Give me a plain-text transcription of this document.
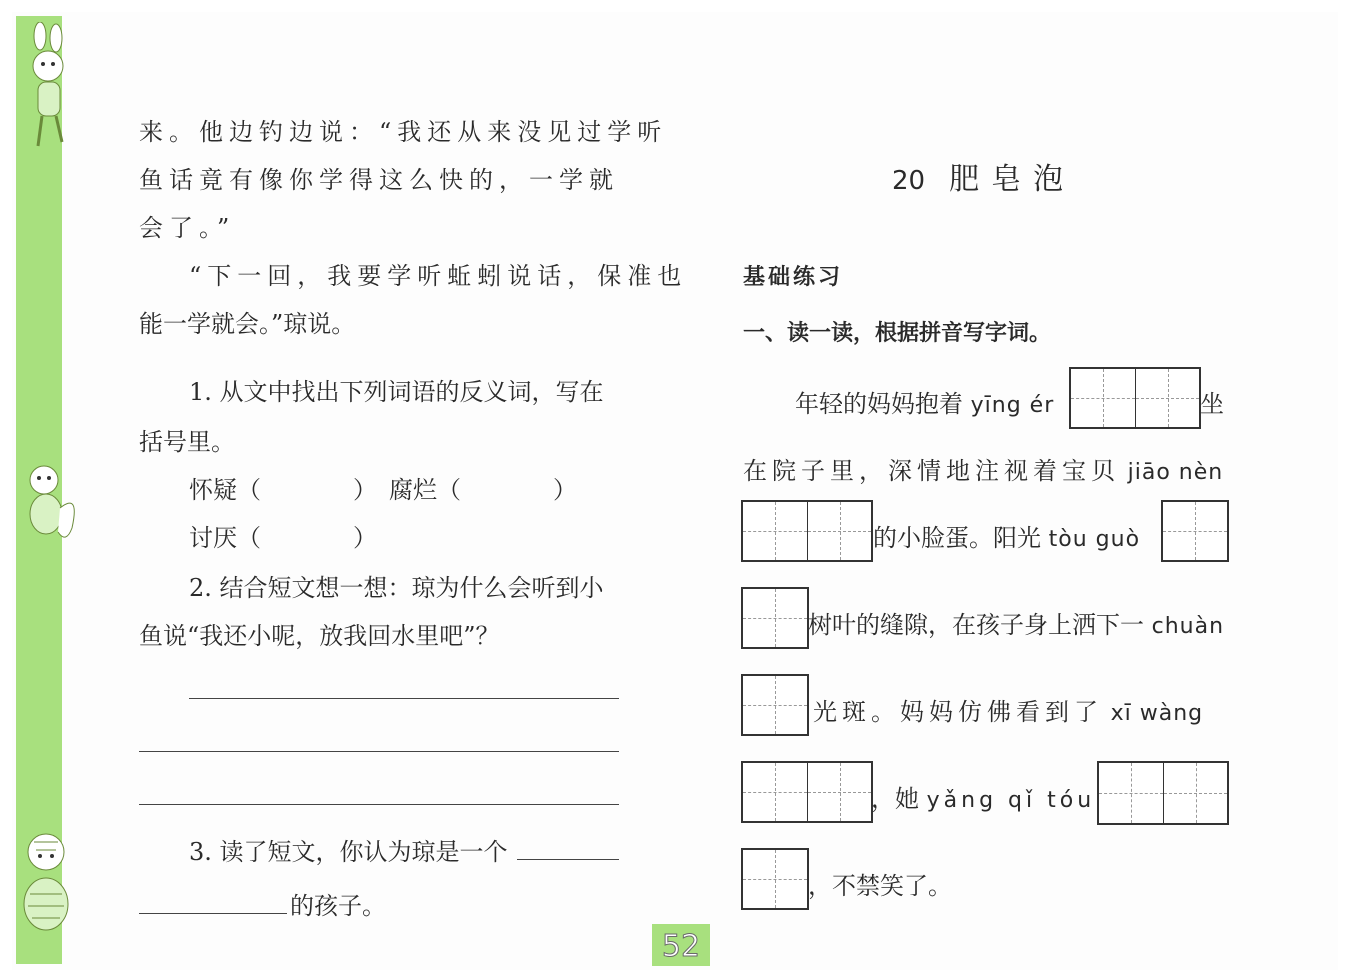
来。他边钓边说：“我还从来没见过学听
鱼话竟有像你学得这么快的，一学就
会了。”
“下一回，我要学听蚯蚓说话，保准也
能一学就会。”琼说。
1. 从文中找出下列词语的反义词，写在
括号里。
怀疑（	） 腐烂（	）
讨厌（	）
2. 结合短文想一想：琼为什么会听到小
鱼说“我还小呢，放我回水里吧”？
3. 读了短文，你认为琼是一个
的孩子。
20 肥皂泡
基础练习
一、读一读，根据拼音写字词。
年轻的妈妈抱着 yīng ér	坐
在院子里，深情地注视着宝贝 jiāo nèn
的小脸蛋。阳光 tòu guò
树叶的缝隙，在孩子身上洒下一 chuàn
光斑。妈妈仿佛看到了 xī wàng
，她 yǎng qǐ tóu
，不禁笑了。
52
